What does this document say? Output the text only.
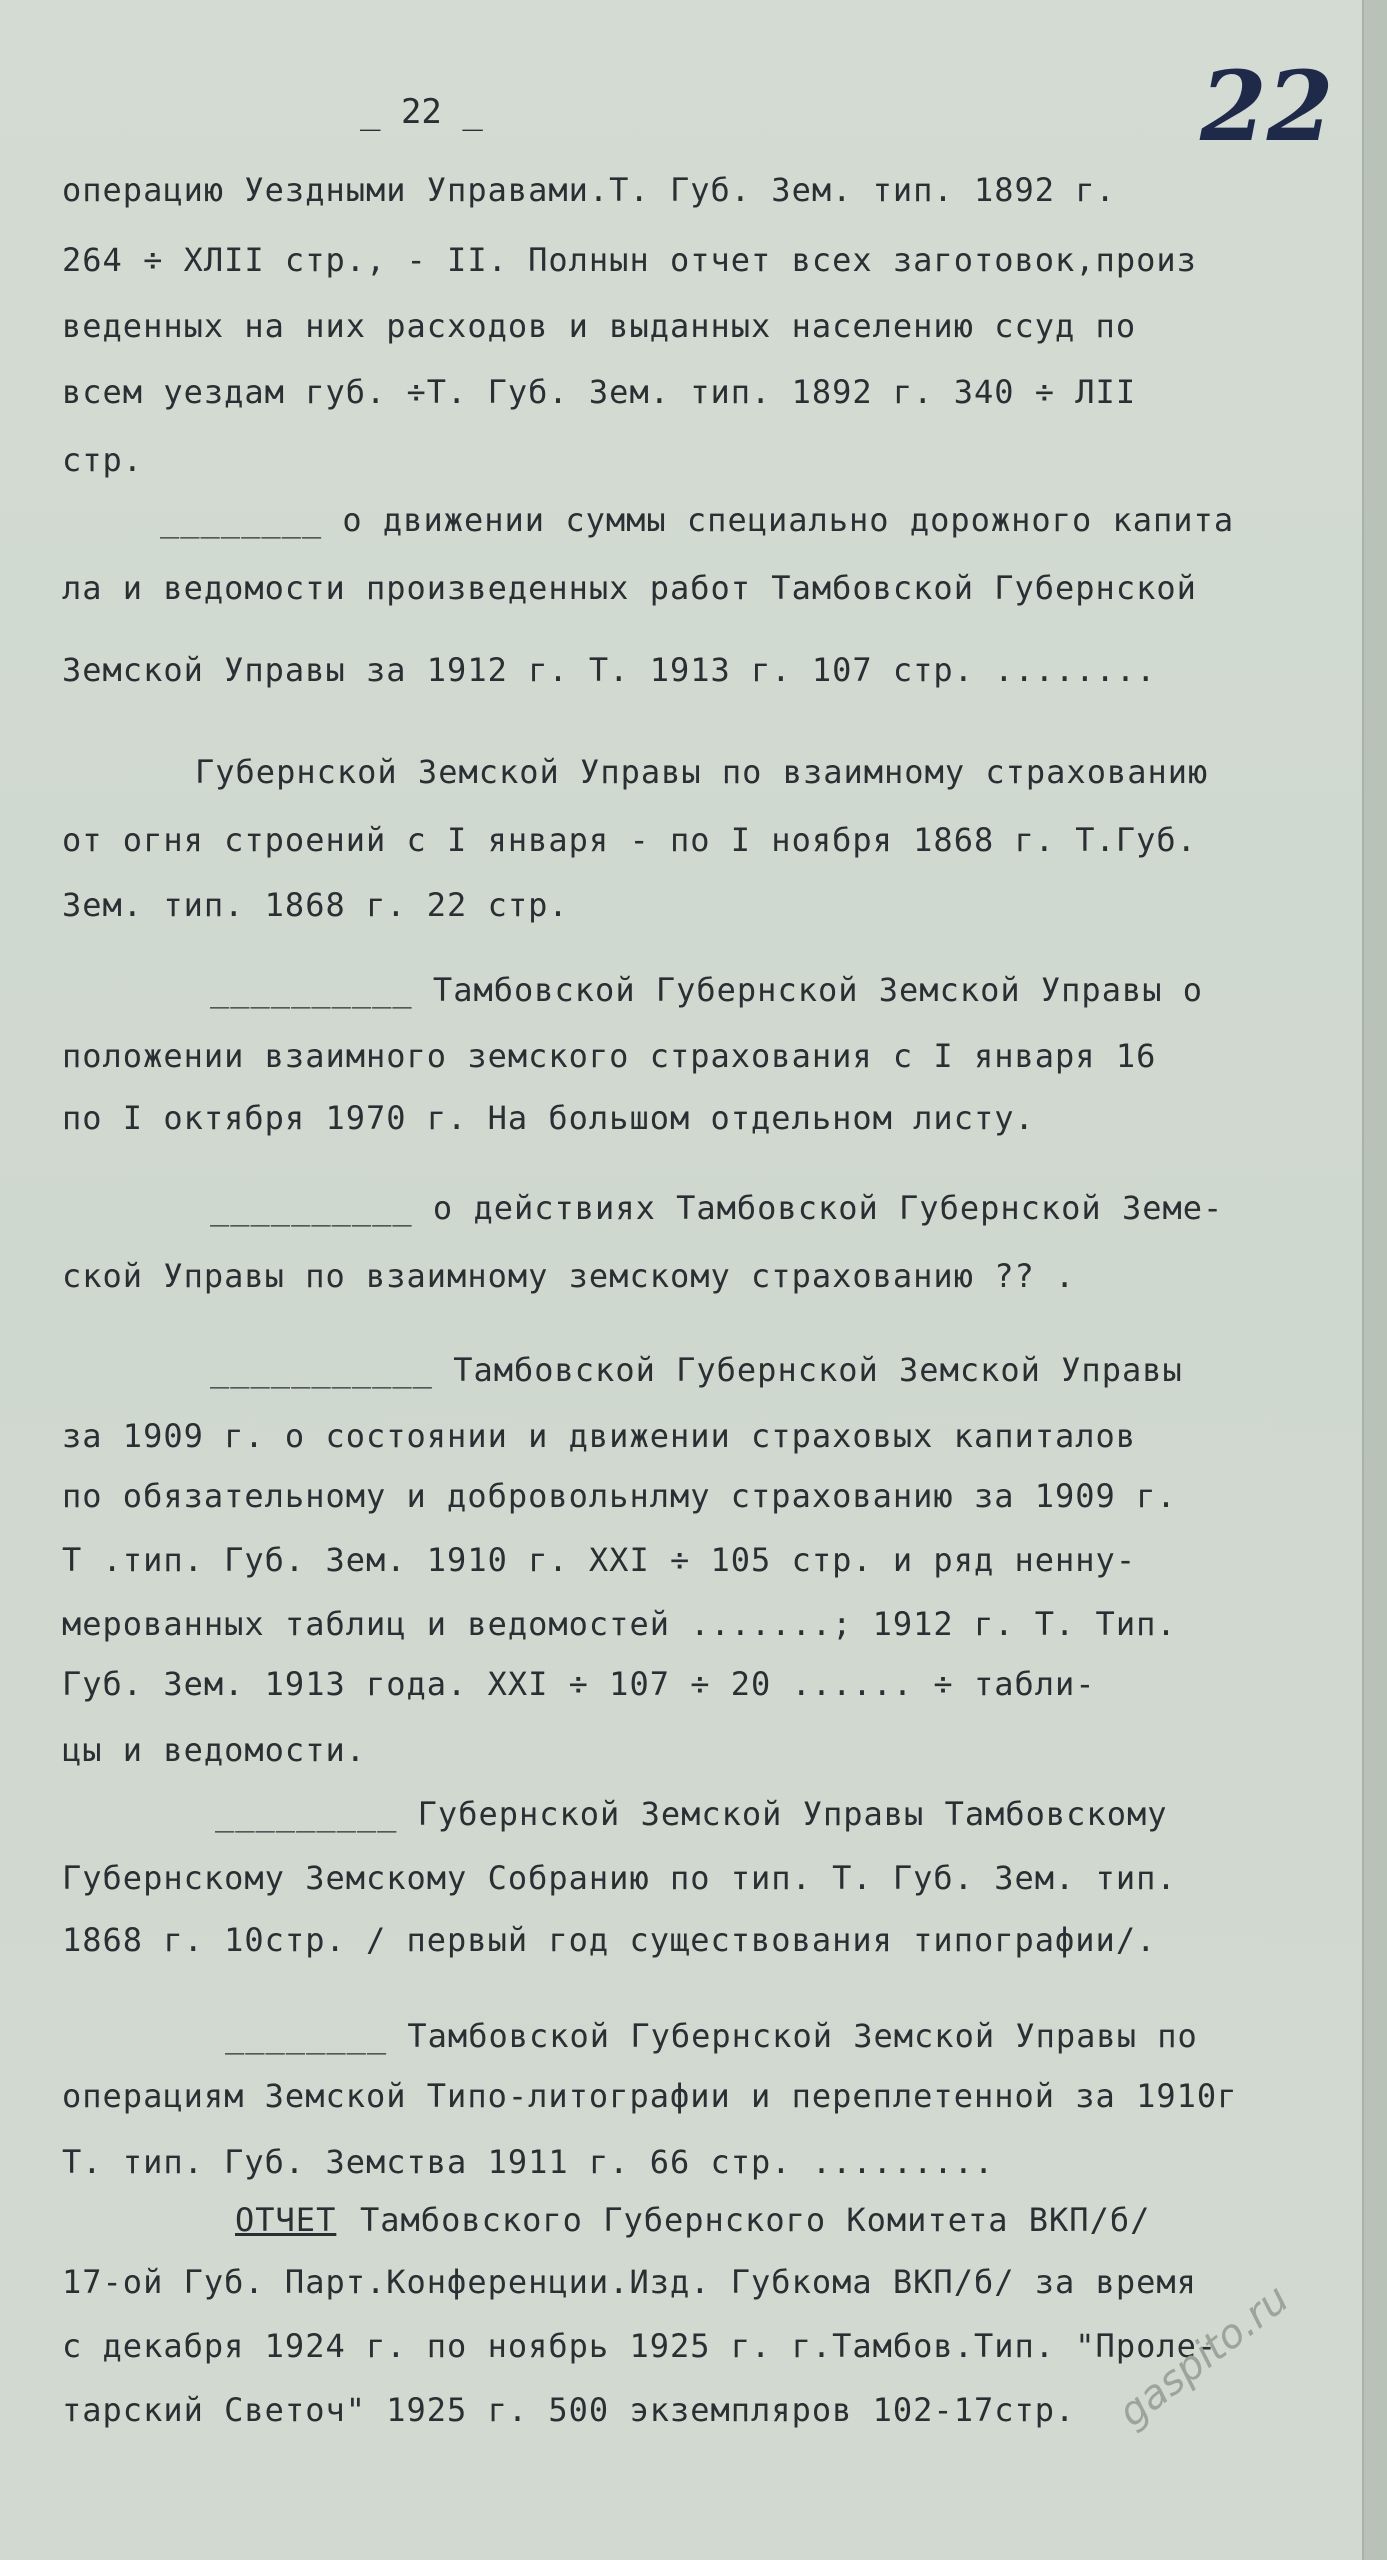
_ 22 _	22

операцию Уездными Управами.Т. Губ. Зем. тип. 1892 г.

264 ÷ ХЛII стр., - II. Полнын отчет всех заготовок,произ

веденных на них расходов и выданных населению ссуд по

всем уездам губ. ÷Т. Губ. Зем. тип. 1892 г. 340 ÷ ЛII

стр.

________ о движении суммы специально дорожного капита

ла и ведомости произведенных работ Тамбовской Губернской

Земской Управы за 1912 г. Т. 1913 г. 107 стр. ........

Губернской Земской Управы по взаимному страхованию

от огня строений с I января - по I ноября 1868 г. Т.Губ.

Зем. тип. 1868 г. 22 стр.

__________ Тамбовской Губернской Земской Управы о

положении взаимного земского страхования с I января 16

по I октября 1970 г. На большом отдельном листу.

__________ о действиях Тамбовской Губернской Земе-

ской Управы по взаимному земскому страхованию ?? .

___________ Тамбовской Губернской Земской Управы

за 1909 г. о состоянии и движении страховых капиталов

по обязательному и добровольнлму страхованию за 1909 г.

Т .тип. Губ. Зем. 1910 г. XXI ÷ 105 стр. и ряд ненну-

мерованных таблиц и ведомостей .......; 1912 г. Т. Тип.

Губ. Зем. 1913 года. XXI ÷ 107 ÷ 20 ...... ÷ табли-

цы и ведомости.

_________ Губернской Земской Управы Тамбовскому

Губернскому Земскому Собранию по тип. Т. Губ. Зем. тип.

1868 г. 10стр. / первый год существования типографии/.

________ Тамбовской Губернской Земской Управы по

операциям Земской Типо-литографии и переплетенной за 1910г

Т. тип. Губ. Земства 1911 г. 66 стр. .........

ОТЧЕТ Тамбовского Губернского Комитета ВКП/б/

17-ой Губ. Парт.Конференции.Изд. Губкома ВКП/б/ за время

с декабря 1924 г. по ноябрь 1925 г. г.Тамбов.Тип. "Проле-

тарский Светоч" 1925 г. 500 экземпляров 102-17стр. gaspito.ru
